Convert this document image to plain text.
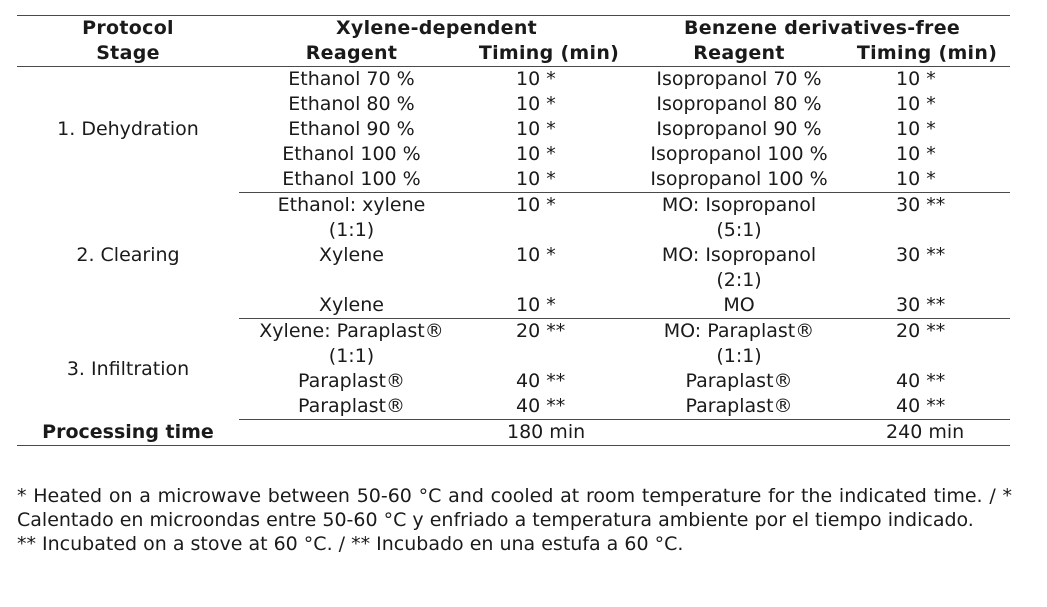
Protocol	Xylene-dependent		Benzene derivatives-free	
Stage	Reagent	Timing (min)	Reagent	Timing (min)
1. Dehydration	Ethanol 70 %	10 *	Isopropanol 70 %	10 *
	Ethanol 80 %	10 *	Isopropanol 80 %	10 *
	Ethanol 90 %	10 *	Isopropanol 90 %	10 *
	Ethanol 100 %	10 *	Isopropanol 100 %	10 *
	Ethanol 100 %	10 *	Isopropanol 100 %	10 *
2. Clearing	Ethanol: xylene	10 *	MO: Isopropanol	30 **
	(1:1)		(5:1)	
	Xylene	10 *	MO: Isopropanol	30 **
			(2:1)	
	Xylene	10 *	MO	30 **
3. Infiltration	Xylene: Paraplast®	20 **	MO: Paraplast®	20 **
	(1:1)		(1:1)	
	Paraplast®	40 **	Paraplast®	40 **

	Paraplast®	40 **	Paraplast®	40 **
Processing time		180 min		240 min

* Heated on a microwave between 50-60 °C and cooled at room temperature for the indicated time. / * Calentado en microondas entre 50-60 °C y enfriado a temperatura ambiente por el tiempo indicado.

** Incubated on a stove at 60 °C. / ** Incubado en una estufa a 60 °C.
